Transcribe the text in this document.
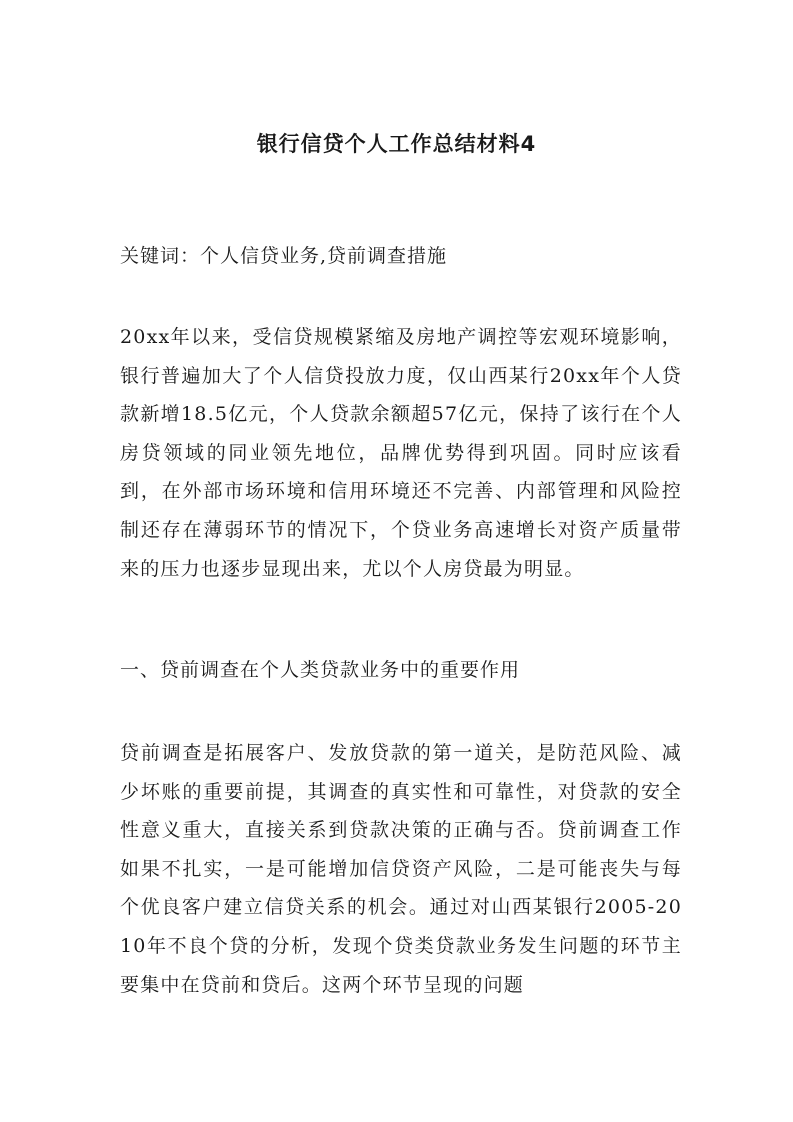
银行信贷个人工作总结材料4

关键词：个人信贷业务,贷前调查措施

20xx年以来，受信贷规模紧缩及房地产调控等宏观环境影响，银行普遍加大了个人信贷投放力度，仅山西某行20xx年个人贷款新增18.5亿元，个人贷款余额超57亿元，保持了该行在个人房贷领域的同业领先地位，品牌优势得到巩固。同时应该看到，在外部市场环境和信用环境还不完善、内部管理和风险控制还存在薄弱环节的情况下，个贷业务高速增长对资产质量带来的压力也逐步显现出来，尤以个人房贷最为明显。

一、贷前调查在个人类贷款业务中的重要作用

贷前调查是拓展客户、发放贷款的第一道关，是防范风险、减少坏账的重要前提，其调查的真实性和可靠性，对贷款的安全性意义重大，直接关系到贷款决策的正确与否。贷前调查工作如果不扎实，一是可能增加信贷资产风险，二是可能丧失与每个优良客户建立信贷关系的机会。通过对山西某银行2005-2010年不良个贷的分析，发现个贷类贷款业务发生问题的环节主要集中在贷前和贷后。这两个环节呈现的问题
